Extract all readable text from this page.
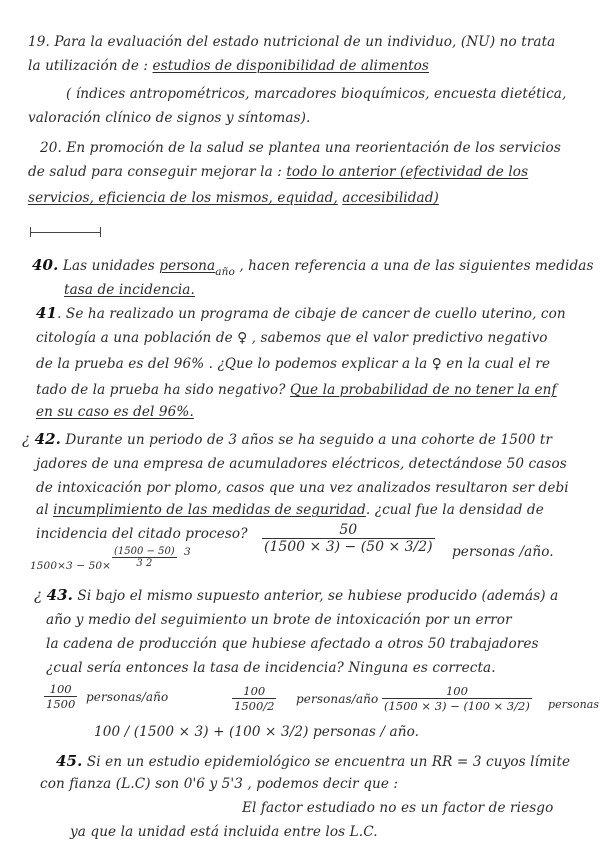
19. Para la evaluación del estado nutricional de un individuo, (NU) no trata
la utilización de : estudios de disponibilidad de alimentos
( índices antropométricos, marcadores bioquímicos, encuesta dietética,
valoración clínico de signos y síntomas).
20. En promoción de la salud se plantea una reorientación de los servicios
de salud para conseguir mejorar la : todo lo anterior (efectividad de los
servicios, eficiencia de los mismos, equidad, accesibilidad)
40. Las unidades persona$_{año}$ , hacen referencia a una de las siguientes medidas
tasa de incidencia.
41. Se ha realizado un programa de cibaje de cancer de cuello uterino, con
citología a una población de ♀ , sabemos que el valor predictivo negativo
de la prueba es del 96% . ¿Que lo podemos explicar a la ♀ en la cual el re
tado de la prueba ha sido negativo? Que la probabilidad de no tener la enf
en su caso es del 96%.
¿ 42. Durante un periodo de 3 años se ha seguido a una cohorte de 1500 tr
jadores de una empresa de acumuladores eléctricos, detectándose 50 casos
de intoxicación por plomo, casos que una vez analizados resultaron ser debi
al incumplimiento de las medidas de seguridad. ¿cual fue la densidad de
incidencia del citado proceso? $\frac{50}{(1500 \times 3) - (50 \times 3/2)}$ personas /año.
$1500\times 3 - 50\times \frac{(1500 - 50)}{3 2} 3$
¿ 43. Si bajo el mismo supuesto anterior, se hubiese producido (además) a
año y medio del seguimiento un brote de intoxicación por un error
la cadena de producción que hubiese afectado a otros 50 trabajadores
¿cual sería entonces la tasa de incidencia? Ninguna es correcta.
$\frac{100}{1500}$ personas/año	$\frac{100}{1500/2}$ personas/año $\frac{100}{(1500 \times 3) - (100 \times 3/2)}$ personas
100 / (1500 × 3) + (100 × 3/2) personas / año.
45. Si en un estudio epidemiológico se encuentra un RR = 3 cuyos límite
con fianza (L.C) son 0'6 y 5'3 , podemos decir que :
El factor estudiado no es un factor de riesgo
ya que la unidad está incluida entre los L.C.
